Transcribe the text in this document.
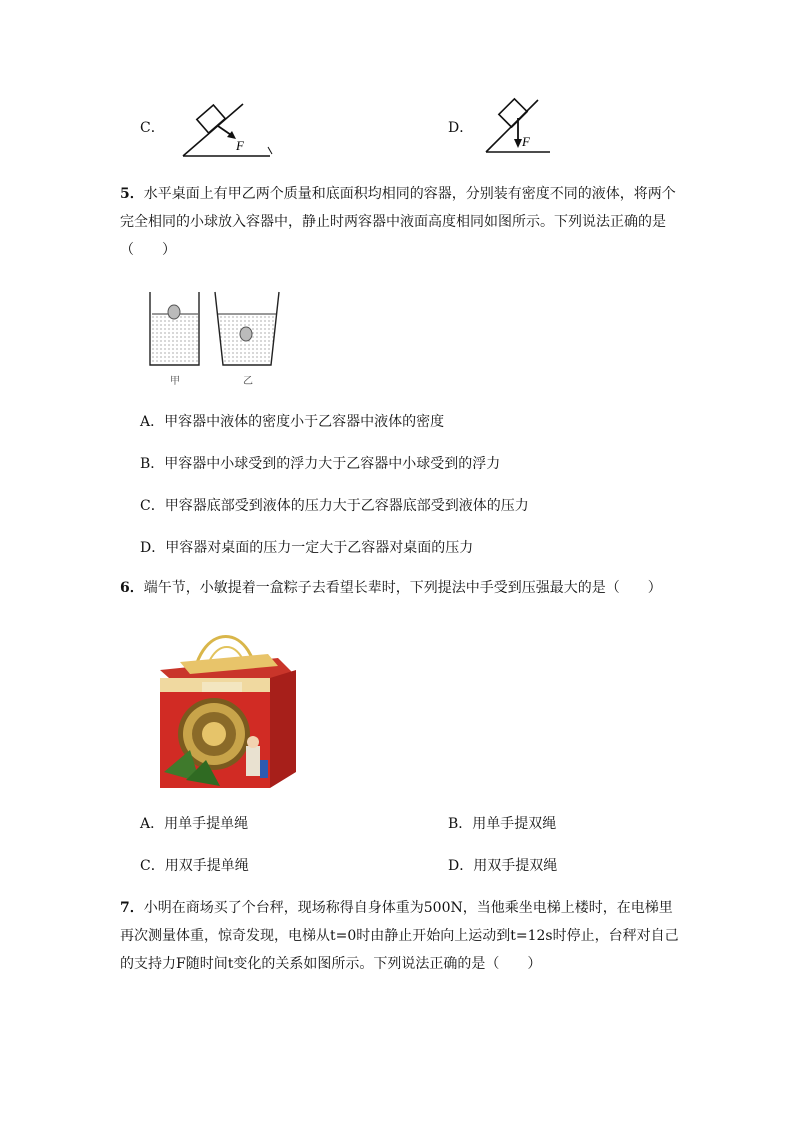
C．
F
D．
F
5．水平桌面上有甲乙两个质量和底面积均相同的容器，分别装有密度不同的液体，将两个完全相同的小球放入容器中，静止时两容器中液面高度相同如图所示。下列说法正确的是（　　）
甲	乙
A．甲容器中液体的密度小于乙容器中液体的密度
B．甲容器中小球受到的浮力大于乙容器中小球受到的浮力
C．甲容器底部受到液体的压力大于乙容器底部受到液体的压力
D．甲容器对桌面的压力一定大于乙容器对桌面的压力
6．端午节，小敏提着一盒粽子去看望长辈时，下列提法中手受到压强最大的是（　　）
A．用单手提单绳	B．用单手提双绳
C．用双手提单绳	D．用双手提双绳
7．小明在商场买了个台秤，现场称得自身体重为500N，当他乘坐电梯上楼时，在电梯里再次测量体重，惊奇发现，电梯从t=0时由静止开始向上运动到t=12s时停止，台秤对自己的支持力F随时间t变化的关系如图所示。下列说法正确的是（　　）
